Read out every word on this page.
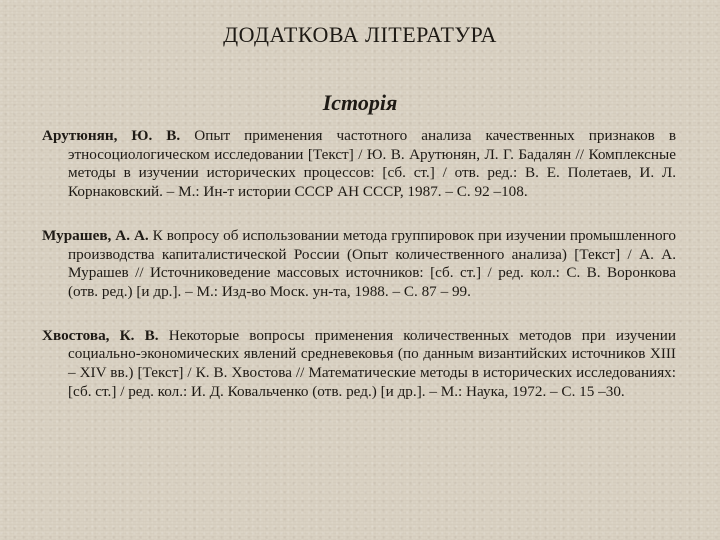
ДОДАТКОВА ЛІТЕРАТУРА
Історія

Арутюнян, Ю. В. Опыт применения частотного анализа качественных признаков в этносоциологическом исследовании [Текст] / Ю. В. Арутюнян, Л. Г. Бадалян // Комплексные методы в изучении исторических процессов: [сб. ст.] / отв. ред.: В. Е. Полетаев, И. Л. Корнаковский. – М.: Ин-т истории СССР АН СССР, 1987. – С. 92 –108.

Мурашев, А. А. К вопросу об использовании метода группировок при изучении промышленного производства капиталистической России (Опыт количественного анализа) [Текст] / А. А. Мурашев // Источниковедение массовых источников: [сб. ст.] / ред. кол.: С. В. Воронкова (отв. ред.) [и др.]. – М.: Изд-во Моск. ун-та, 1988. – С. 87 – 99.

Хвостова, К. В. Некоторые вопросы применения количественных методов при изучении социально-экономических явлений средневековья (по данным византийских источников XIII – XIV вв.) [Текст] / К. В. Хвостова // Математические методы в исторических исследованиях: [сб. ст.] / ред. кол.: И. Д. Ковальченко (отв. ред.) [и др.]. – М.: Наука, 1972. – С. 15 –30.
